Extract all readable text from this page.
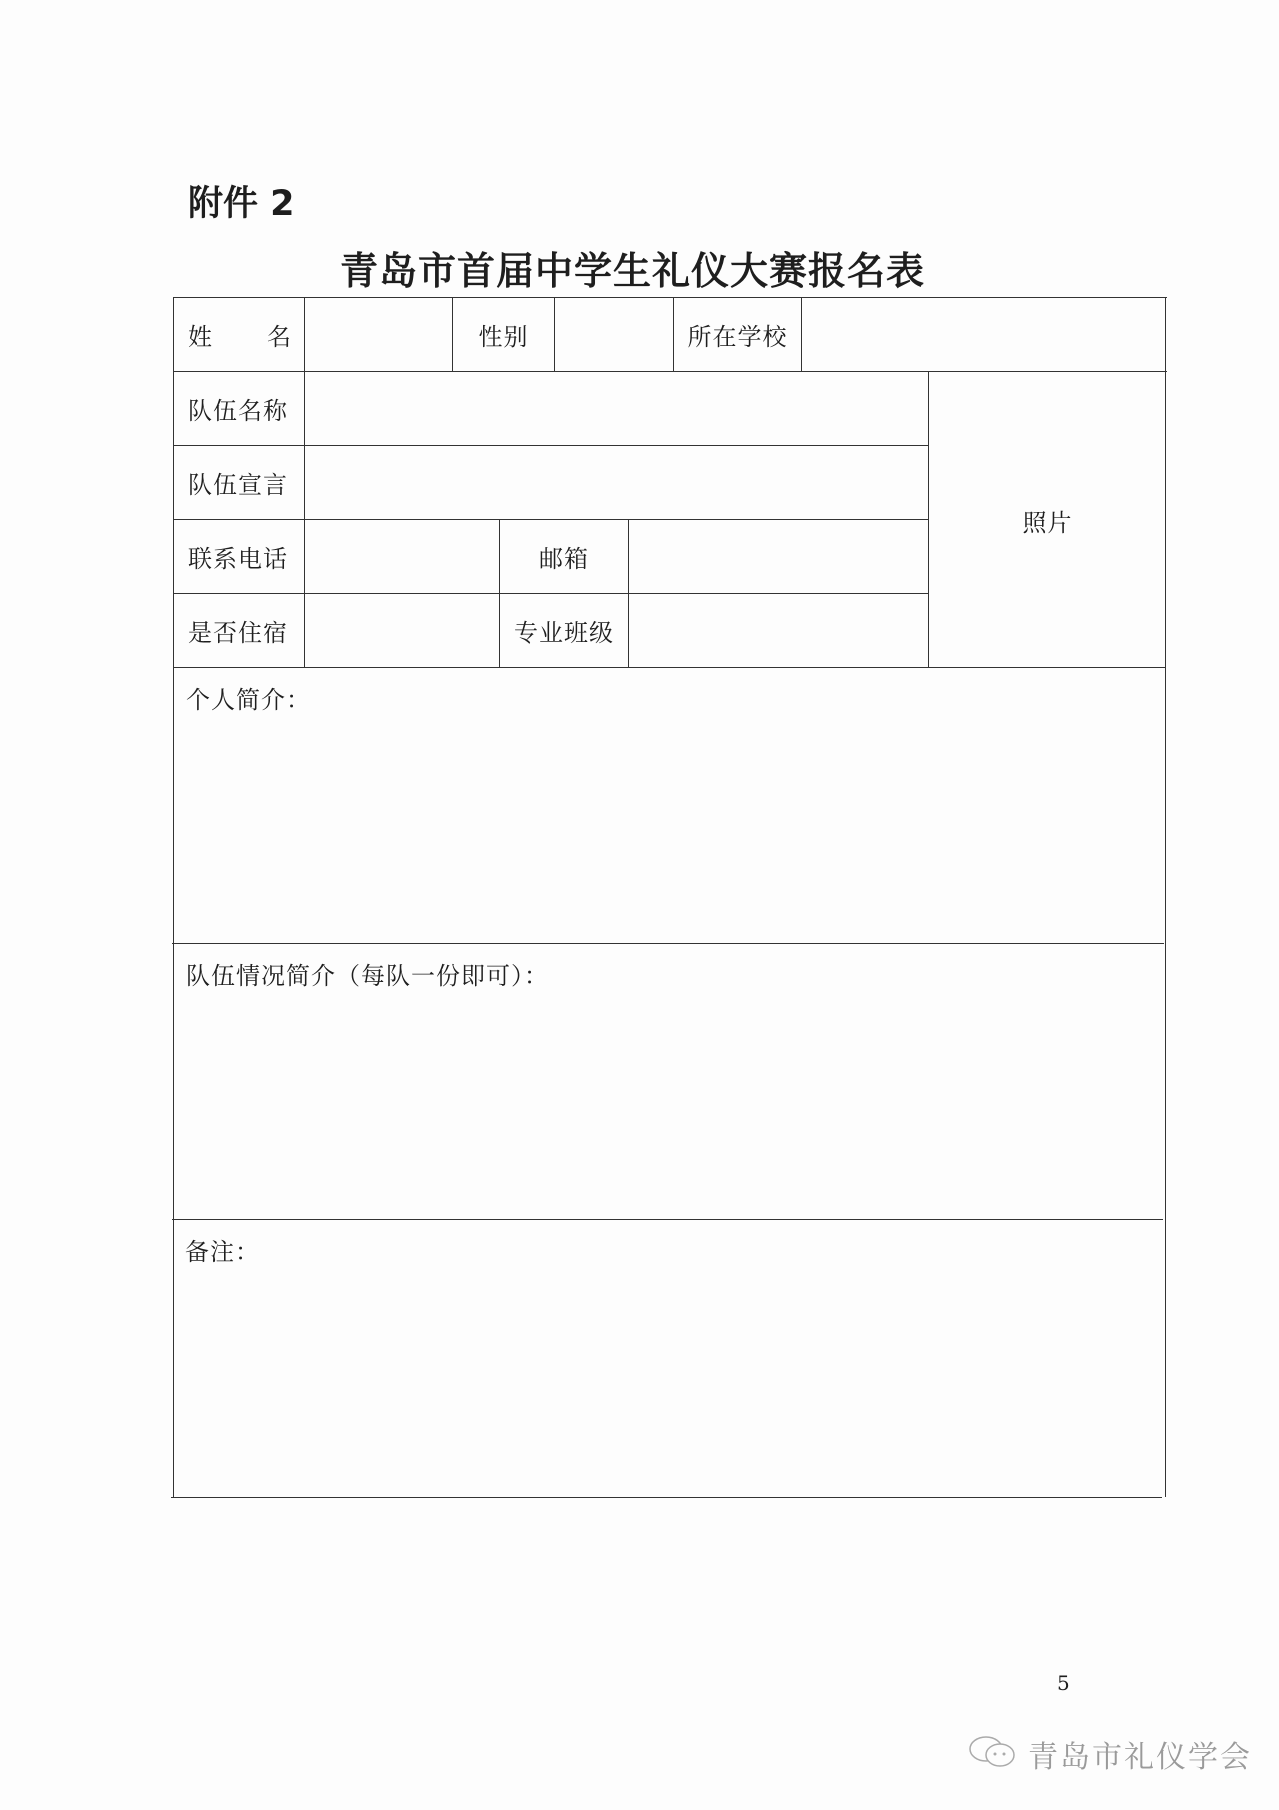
附件 2
青岛市首届中学生礼仪大赛报名表
姓 名	性别	所在学校
队伍名称
队伍宣言
联系电话	邮箱
是否住宿	专业班级
照片
个人简介：
队伍情况简介（每队一份即可）：
备注：
5
青岛市礼仪学会
